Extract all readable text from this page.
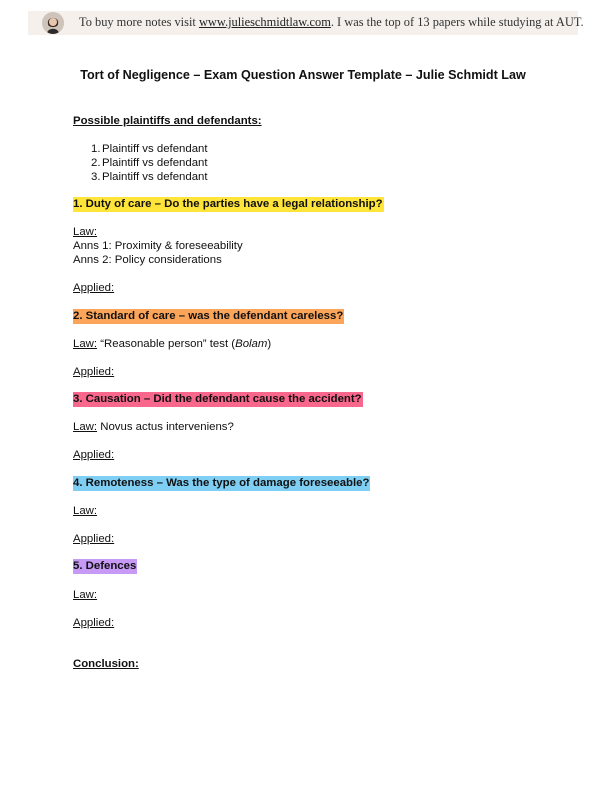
To buy more notes visit www.julieschmidtlaw.com. I was the top of 13 papers while studying at AUT.
Tort of Negligence – Exam Question Answer Template – Julie Schmidt Law
Possible plaintiffs and defendants:
1. Plaintiff vs defendant
2. Plaintiff vs defendant
3. Plaintiff vs defendant
1. Duty of care – Do the parties have a legal relationship?
Law:
Anns 1: Proximity & foreseeability
Anns 2: Policy considerations
Applied:
2. Standard of care – was the defendant careless?
Law: “Reasonable person” test (Bolam)
Applied:
3. Causation – Did the defendant cause the accident?
Law: Novus actus interveniens?
Applied:
4. Remoteness – Was the type of damage foreseeable?
Law:
Applied:
5. Defences
Law:
Applied:
Conclusion:
